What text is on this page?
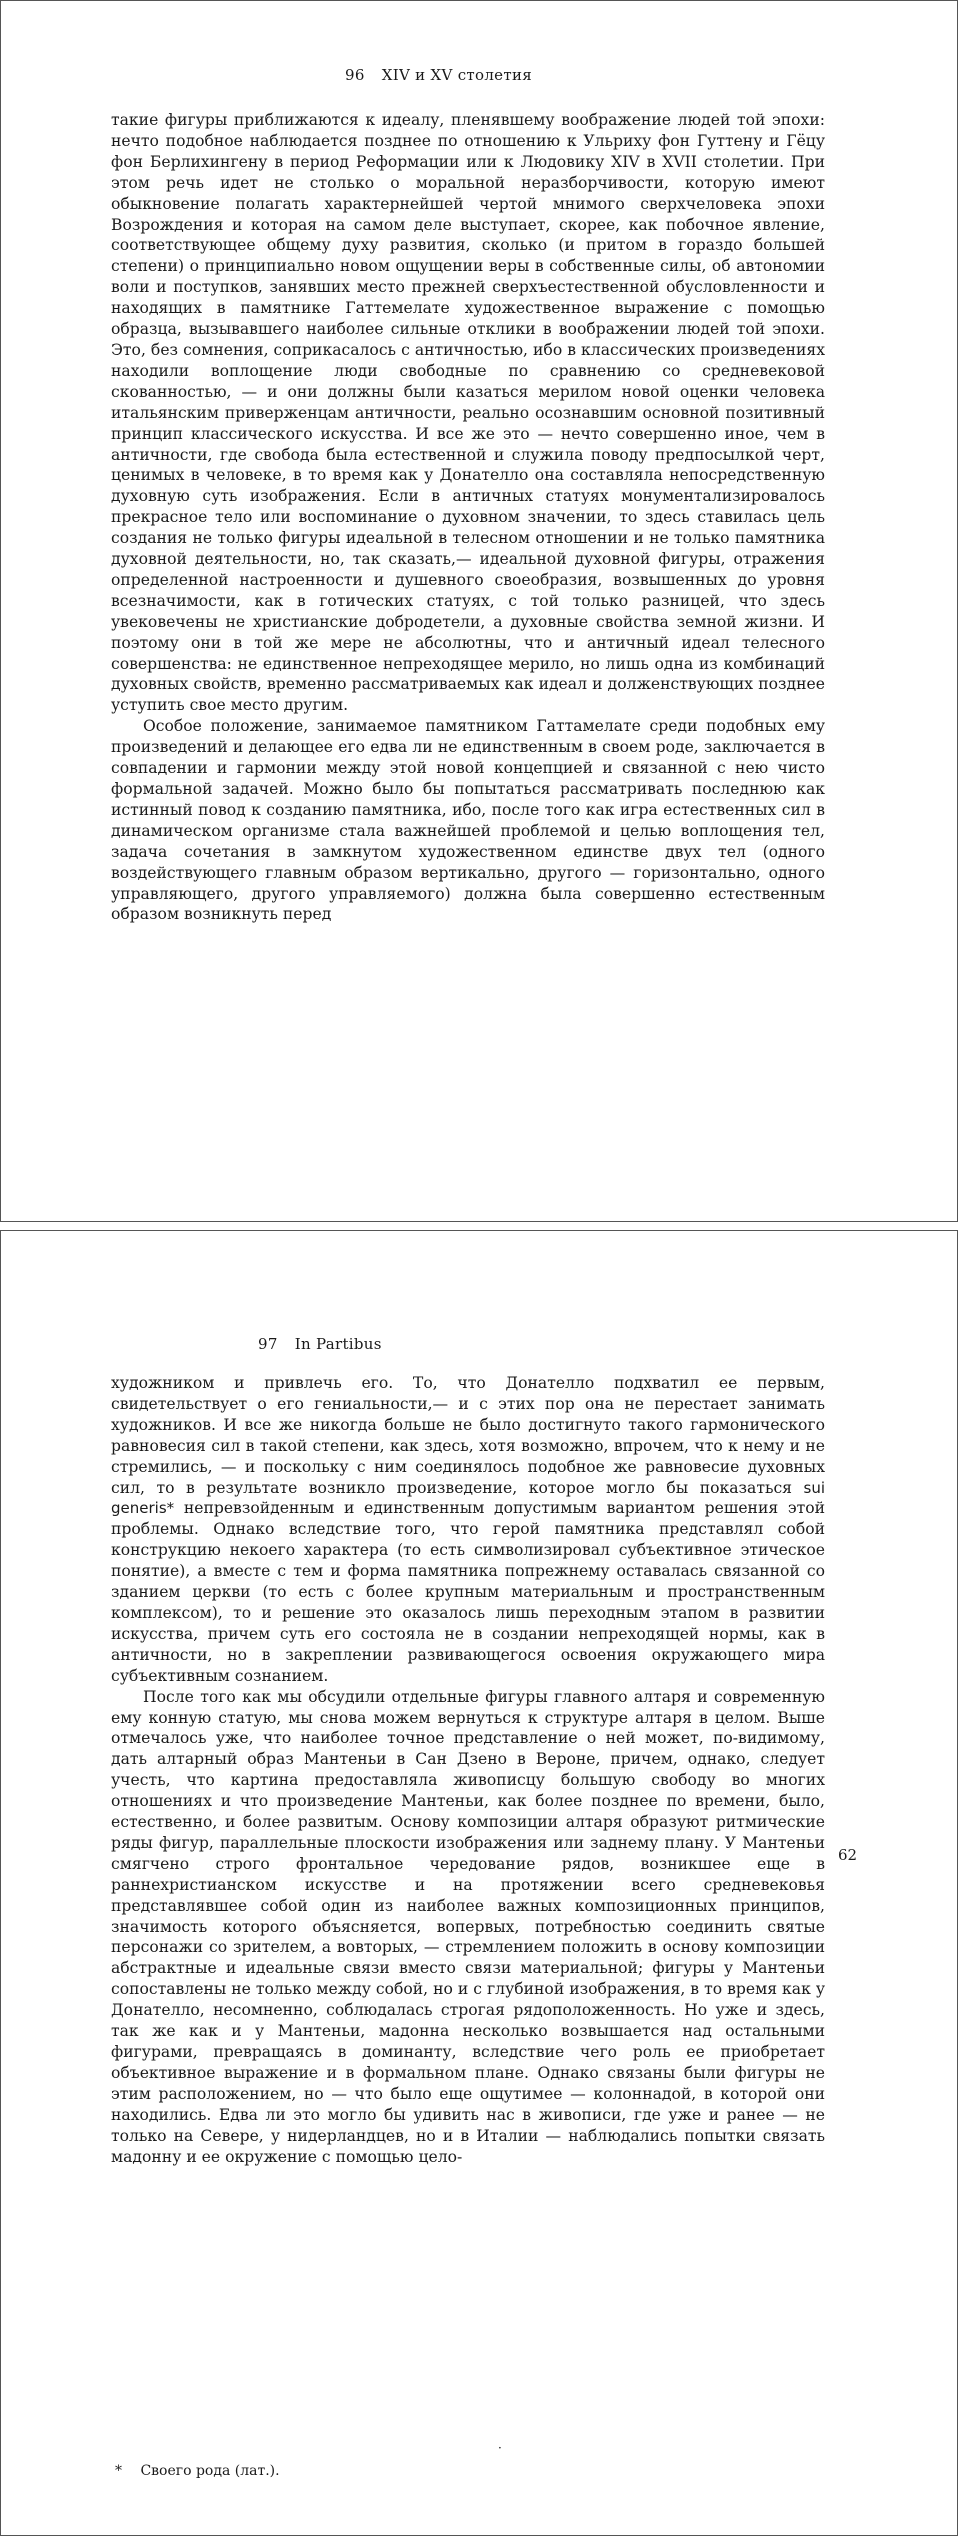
96 XIV и XV столетия

такие фигуры приближаются к идеалу, пленявшему воображение людей той эпохи: нечто подобное наблюдается позднее по отношению к Ульриху фон Гуттену и Гёцу фон Берлихингену в период Реформации или к Людовику XIV в XVII столетии. При этом речь идет не столько о моральной неразборчивости, которую имеют обыкновение полагать характернейшей чертой мнимого сверхчеловека эпохи Возрождения и которая на самом деле выступает, скорее, как побочное явление, соответствующее общему духу развития, сколько (и притом в гораздо большей степени) о принципиально новом ощущении веры в собственные силы, об автономии воли и поступков, занявших место прежней сверхъестественной обусловленности и находящих в памятнике Гаттемелате художественное выражение с помощью образца, вызывавшего наиболее сильные отклики в воображении людей той эпохи. Это, без сомнения, соприкасалось с античностью, ибо в классических произведениях находили воплощение люди свободные по сравнению со средневековой скованностью, — и они должны были казаться мерилом новой оценки человека итальянским приверженцам античности, реально осознавшим основной позитивный принцип классического искусства. И все же это — нечто совершенно иное, чем в античности, где свобода была естественной и служила поводу предпосылкой черт, ценимых в человеке, в то время как у Донателло она составляла непосредственную духовную суть изображения. Если в античных статуях монументализировалось прекрасное тело или воспоминание о духовном значении, то здесь ставилась цель создания не только фигуры идеальной в телесном отношении и не только памятника духовной деятельности, но, так сказать,— идеальной духовной фигуры, отражения определенной настроенности и душевного своеобразия, возвышенных до уровня всезначимости, как в готических статуях, с той только разницей, что здесь увековечены не христианские добродетели, а духовные свойства земной жизни. И поэтому они в той же мере не абсолютны, что и античный идеал телесного совершенства: не единственное непреходящее мерило, но лишь одна из комбинаций духовных свойств, временно рассматриваемых как идеал и долженствующих позднее уступить свое место другим.

Особое положение, занимаемое памятником Гаттамелате среди подобных ему произведений и делающее его едва ли не единственным в своем роде, заключается в совпадении и гармонии между этой новой концепцией и связанной с нею чисто формальной задачей. Можно было бы попытаться рассматривать последнюю как истинный повод к созданию памятника, ибо, после того как игра естественных сил в динамическом организме стала важнейшей проблемой и целью воплощения тел, задача сочетания в замкнутом художественном единстве двух тел (одного воздействующего главным образом вертикально, другого — горизонтально, одного управляющего, другого управляемого) должна была совершенно естественным образом возникнуть перед

97 In Partibus

художником и привлечь его. То, что Донателло подхватил ее первым, свидетельствует о его гениальности,— и с этих пор она не перестает занимать художников. И все же никогда больше не было достигнуто такого гармонического равновесия сил в такой степени, как здесь, хотя возможно, впрочем, что к нему и не стремились, — и поскольку с ним соединялось подобное же равновесие духовных сил, то в результате возникло произведение, которое могло бы показаться sui generis* непревзойденным и единственным допустимым вариантом решения этой проблемы. Однако вследствие того, что герой памятника представлял собой конструкцию некоего характера (то есть символизировал субъективное этическое понятие), а вместе с тем и форма памятника попрежнему оставалась связанной со зданием церкви (то есть с более крупным материальным и пространственным комплексом), то и решение это оказалось лишь переходным этапом в развитии искусства, причем суть его состояла не в создании непреходящей нормы, как в античности, но в закреплении развивающегося освоения окружающего мира субъективным сознанием.

После того как мы обсудили отдельные фигуры главного алтаря и современную ему конную статую, мы снова можем вернуться к структуре алтаря в целом. Выше отмечалось уже, что наиболее точное представление о ней может, по-видимому, дать алтарный образ Мантеньи в Сан Дзено в Вероне, причем, однако, следует учесть, что картина предоставляла живописцу большую свободу во многих отношениях и что произведение Мантеньи, как более позднее по времени, было, естественно, и более развитым. Основу композиции алтаря образуют ритмические ряды фигур, параллельные плоскости изображения или заднему плану. У Мантеньи смягчено строго фронтальное чередование рядов, возникшее еще в раннехристианском искусстве и на протяжении всего средневековья представлявшее собой один из наиболее важных композиционных принципов, значимость которого объясняется, вопервых, потребностью соединить святые персонажи со зрителем, а вовторых, — стремлением положить в основу композиции абстрактные и идеальные связи вместо связи материальной; фигуры у Мантеньи сопоставлены не только между собой, но и с глубиной изображения, в то время как у Донателло, несомненно, соблюдалась строгая рядоположенность. Но уже и здесь, так же как и у Мантеньи, мадонна несколько возвышается над остальными фигурами, превращаясь в доминанту, вследствие чего роль ее приобретает объективное выражение и в формальном плане. Однако связаны были фигуры не этим расположением, но — что было еще ощутимее — колоннадой, в которой они находились. Едва ли это могло бы удивить нас в живописи, где уже и ранее — не только на Севере, у нидерландцев, но и в Италии — наблюдались попытки связать мадонну и ее окружение с помощью цело-

62
·
* Своего рода (лат.).
